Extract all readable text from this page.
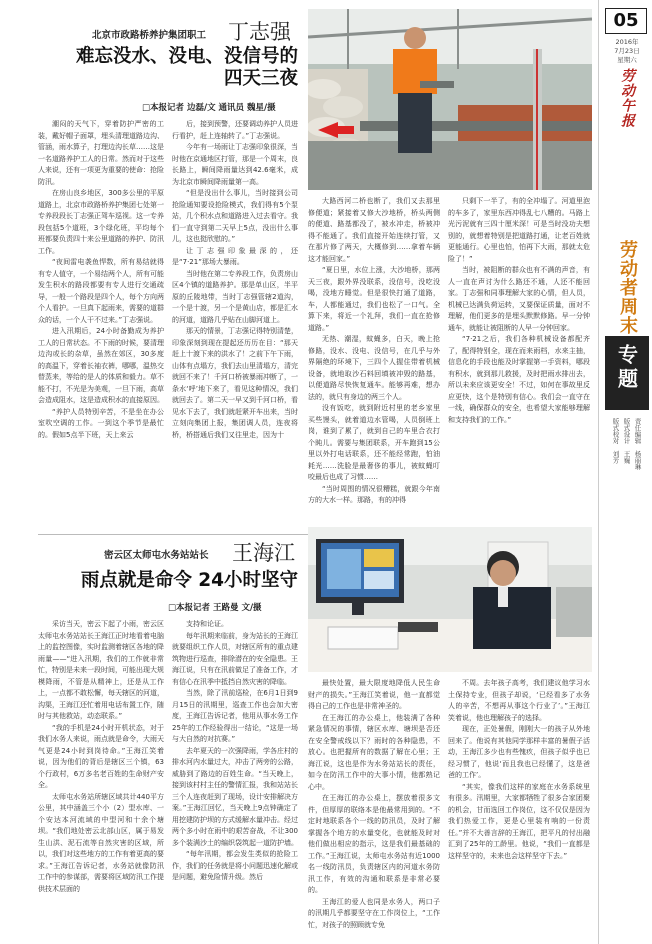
北京市政路桥养护集团职工 丁志强
难忘没水、没电、没信号的
四天三夜
□本报记者 边磊/文 通讯员 魏星/摄

潮闷的天气下，穿着防护严密的工装，戴好帽子面罩，埋头清理道路边沟、管涵，雨水算子，打理边沟长草……这是一名道路养护工人的日常。然而对于这些人来说，还有一项更为重要的使命：抢险防汛。

在房山良乡地区，300多公里的平原道路上，北京市政路桥养护集团七处第一专养段段长丁志强正驾车巡视。这一专养段包括5个道班，3个绿化班，平均每个班都要负责四十来公里道路的养护、防汛工作。

“夜间雷电袭鱼悍数，所有易结就得有专人值守，一个易结两个人，所有可能发生积水的路段都要有专人进行交通疏导，一般一个路段是四个人，每个方向两个人看护。一旦真下起雨来，需要的道群众的话，一个人干不过来。”丁志强说。

进入汛期后，24小时备勤成为养护工人的日常状态。不下雨的时候，要清理边沟或长的杂草，虽然在郊区，30多度的高温下，穿着长袖衣裤，哪哪，温热交替蒸来，等给的是人的体质和毅力。草不能不打，不光是为美观，一旦下雨，高草会造成阻水，这是造成积水的直接原因。

“养护人员特别辛苦，不是坐在办公室吹空调的工作。一到这个季节是最忙的。假如5点半下班，天上来云

后，接到预警，还要调动养护人员进行看护，赶上连轴转了。”丁志强说。

今年有一场雨让丁志强印象很深，当时他在京通地区打管，那是一个周末，良长路上，瞬间降雨量达到42.6毫米，成为北京市瞬间降雨量第一高。

“但是没出什么事儿，当时接到公司抢险通知要设抢险模式，我们得有5个泵站，几个积水点和道路进入过去看守。我们一直守到第二天早上5点，没出什么事儿，这也挺欣慰的。”

让丁志强印象最深的，还是“7·21”那场大暴雨。

当时他在第二专养段工作，负责房山区4个镇的道路养护。那是单山区，半平原的丘陵地带，当时丁志强管辖2道沟，一个是十渡，另一个是黄山店，都是汇水的河道，道路几乎贴在山脚河道上。

那天的情景，丁志强记得特别清楚，印象深刻到现在提起还历历在目：“那天赶上十渡下来的洪水了！之前下午下雨，山体有点塌方，我们去山里清塌方，清完就回不来了！千河口桥被暴雨冲断了，一条水‘呼’地下来了，看见这种情况，我们就回去了。第二天一早又到千河口桥，看见水下去了，我们就赶紧开车出来，当时立刻向集团上报，集团调人员，连夜将桥，桥搭通后我们又往里走，因为十

大路西河二桥也断了，我们又去那里修便道；紧接着又修大沙地桥，桥头两侧的便道、路基都没了，被水冲走，桥被冲得不能通了。我们直接开始连续打管，又在那片修了两天，大概修到……拿着车辆这才能回家。”

“夏日里，水位上涨，大沙地桥，那两天三夜，跟外界没联系，没信号，没吃没喝，没地方睡觉。但是很快打通了道路，车，人都能通过，我们也松了一口气。全算下来，将近一个礼拜，我们一直在抢修道路。”

无热、潮湿，蚊蝇多，白天，晚上抢修路，没水、没电、没信号，在几乎与外界隔绝的环境下，三四个人握住带着机械设备，就地取沙石料回填被冲毁的路基，以便道路尽快恢复通车。能够再难，想办法的，就只有身边的两三个人。

没有饭吃，就到附近村里的老乡家里买些馒头，就着道边水管喝，人员倒班上岗，谁到了累了，就到自己的车里合衣打个盹儿。需要与集团联系，开车跑到15公里以外打电话联系，还不能经常跑，怕油耗光……洗脸是最奢侈的事儿，被蚊蝇叮咬最后也成了习惯……

“当时周围的情况很糟糕，就跟今年南方的大水一样。那路，有的冲得

只剩下一半了，有的全冲塌了。河道里泡的车多了，家里东西冲得乱七八糟的。马路上光污泥就有三四十厘米深！可是当时没功夫想别的，就想着特别是把道路打通，让老百姓就更能通行。心里也怕，怕再下大雨，那就太危险了！”

当时，被阻断的群众也有不满的声音，有人一直在声讨为什么路还不通，人还不能回家。丁志强和同事理解大家的心情，但人员，机械已达满负荷运转，又要保证质量，面对不理解，他们更多的是埋头默默修路。早一分钟通车，就能让被阻断的人早一分钟回家。

“7·21之后，我们各种机械设备都配齐了，配得特别全，现在而来雨档，水来主抽，信息化的手段也能及时掌握第一手资料，哪段有积水，就到那儿救援，及时把雨水排出去，所以未来应该更安全！不过，如何在事故里反应更快，这个是特别有信心。我们会一直守在一线，确保群众的安全，也希望大家能够理解和支持我们的工作。”

密云区太师屯水务站站长 王海江
雨点就是命令 24小时坚守
□本报记者 王路曼 文/摄

采访当天，密云下起了小雨，密云区太师屯水务站站长王海江正时地看着电脑上的监控图像，实时监测着辖区各地的降雨量——“进入汛期，我们的工作就非常忙，特别是未来一段时间，可能出现大规模降雨，不管是从精神上，还是从工作上，一点都不敢松懈，每天辖区的河道，沟渠，王海江还忙着用电话布置工作，随时与其他救站，动态联系。”

“我的手机是24小时开机状态，对于我们水务人来说，雨点就是命令，大雨天气更是24小时到岗待命。”王海江笑着说，因为他们的背后是辖区三个镇，63个行政村，6万多名老百姓的生命财产安全。

太师屯水务站所辖区域共计440平方公里，其中涵盖三个小（2）型水库、一个安达本河流域的中型河和十余个塘坝。“我们地处密云北部山区，属于易发生山洪、泥石流等自然灾害的区域，所以，我们对这些地方的工作有着更高的要求。”王海江告诉记者，水务站就像防汛工作中的参谋部，需要将区域防汛工作提供技术层面的

支持和论证。

每年汛期来临前，身为站长的王海江就要组织工作人员，对辖区所有的重点建筑物进行巡查，排除潜在的安全隐患。王海江说，只有在汛前做足了准备工作，才有信心在汛季中抵挡自然灾害的降临。

当然，除了汛前巡检，在6月1日到9月15日的汛期里，巡查工作也会加大密度，王海江告诉记者，他用从事水务工作25年的工作经验得出一结论，“这是一场与大自然的对抗赛。”

去年夏天的一次强降雨，学各庄村的排水河内水量过大，冲击了两旁的公路，威胁到了路边的百姓生命。“当天晚上，接到该村村主任的警情汇报，我和站站长三个人连夜赶到了现场，设计安排解决方案。”王海江回忆，当天晚上9点钟确定了用挖建防护坝的方式缓解水量冲击。经过两个多小时在雨中的艰苦奋战，不让300多个装满沙土的编织袋筑起一道防护墙。

“每年汛期，都会发生类似的抢险工作，我们的任务就是将小问题迅速化解或是问题，避免险情升级。然后

最快处置，最大限度地降低人民生命财产的损失。”王海江笑着说，他一直都觉得自己的工作也是非常神圣的。

在王海江的办公桌上，他装满了各种紧急情况的事情，辖区水库、塘坝是否还在安全警戒线以下？雨时的各种隐患，不放心。也把握所有的数据了解在心里；王海江说，这也是作为水务站站长的责任，如今在防汛工作中的大事小情，他都熟记心中。

在王海江的办公桌上，摆放着很多文件，但厚厚的联络本是他最常用到的。“不定时地联系各个一线的防汛员，及时了解掌握各个地方的水量变化，也就能及时对他们做出相应的指示，这是我们最基础的工作。”王海江说，太师屯水务站有近1000名一线防汛员，负责辖区内的河道水务防汛工作，有效的沟通和联系是非常必要的。

王海江的爱人也同是水务人，两口子的汛期几乎都要坚守在工作岗位上，“工作忙，对孩子的照顾就专免

不周。去年孩子高考，我们建议他学习水土保持专业，但孩子却说，‘已经看多了水务人的辛苦，不想再从事这个行业了’。”王海江笑着说，他也理解孩子的选择。

现在，正处暑假，刚刚大一的孩子从外地回来了。他说有其他同学那样丰富的暑假子活动，王海江多少也有些愧疚，但孩子似乎也已经习惯了，他说‘而且我也已经懂了，这是爸爸的工作’。

“其实，像我们这样的家庭在水务系统里有很多。汛期里，大家都牺牲了很多合家团聚的机会，甘而选回工作岗位，这不仅仅是因为我们热爱工作，更是心里装有响的一份责任。”并不大善言辞的王海江，把平凡的付出融汇到了25年的工龄里。他说，“我们一直都是这样坚守的，未来也会这样坚守下去。”

05
2016年
7月23日
星期六
劳动午报
劳动者周末
专题
责任编辑　杨丽琳
版式设计　王巍
版式校对　刘芳
